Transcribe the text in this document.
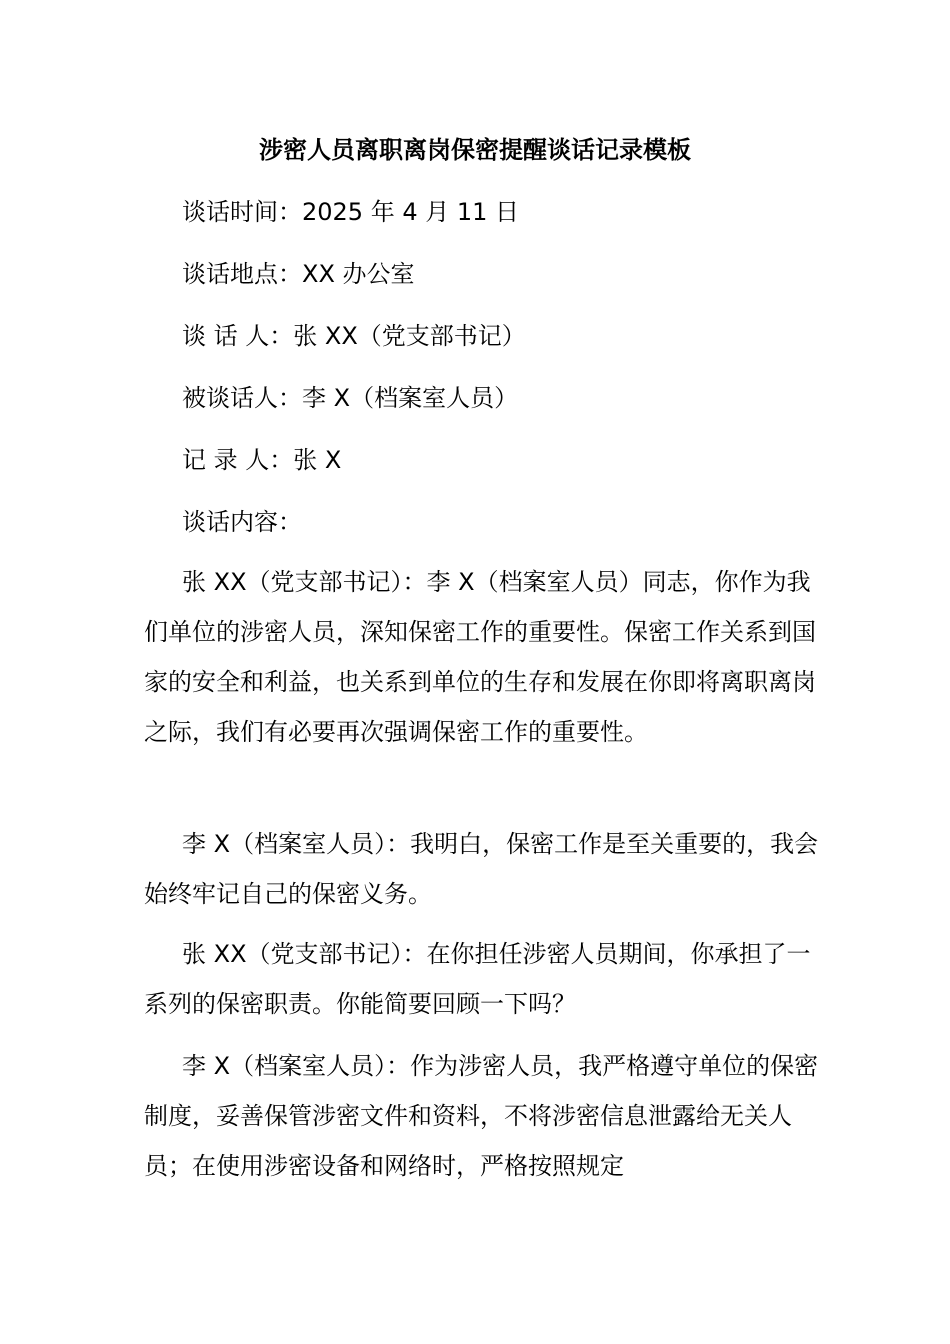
涉密人员离职离岗保密提醒谈话记录模板
谈话时间：2025 年 4 月 11 日
谈话地点：XX 办公室
谈 话 人：张 XX（党支部书记）
被谈话人：李 X（档案室人员）
记 录 人：张 X
谈话内容：
张 XX（党支部书记）：李 X（档案室人员）同志，你作为我们单位的涉密人员，深知保密工作的重要性。保密工作关系到国家的安全和利益，也关系到单位的生存和发展在你即将离职离岗之际，我们有必要再次强调保密工作的重要性。
李 X（档案室人员）：我明白，保密工作是至关重要的，我会始终牢记自己的保密义务。
张 XX（党支部书记）：在你担任涉密人员期间，你承担了一系列的保密职责。你能简要回顾一下吗？
李 X（档案室人员）：作为涉密人员，我严格遵守单位的保密制度，妥善保管涉密文件和资料，不将涉密信息泄露给无关人员；在使用涉密设备和网络时，严格按照规定
